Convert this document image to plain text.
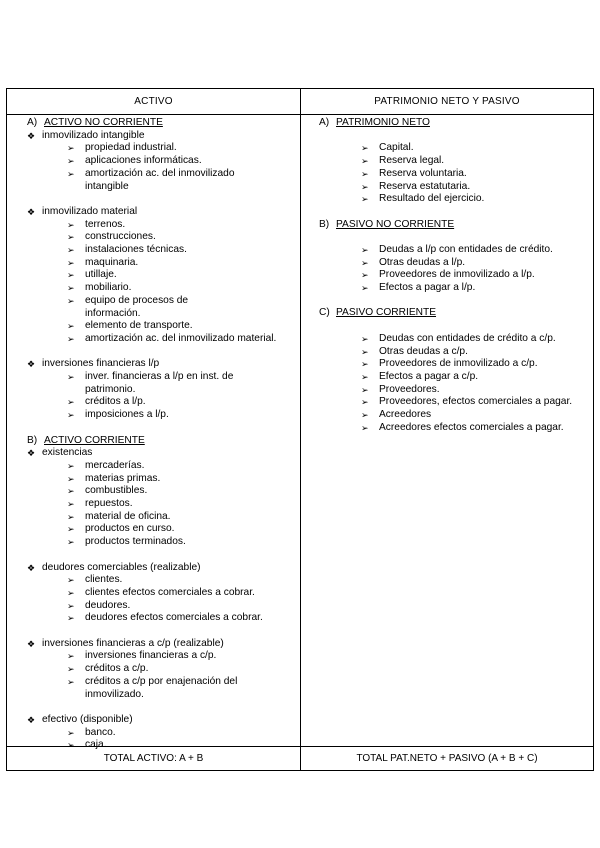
ACTIVO	PATRIMONIO NETO Y PASIVO
A) ACTIVO NO CORRIENTE
❖ inmovilizado intangible
➢ propiedad industrial.
➢ aplicaciones informáticas.
➢ amortización ac. del inmovilizado intangible
❖ inmovilizado material
➢ terrenos.
➢ construcciones.
➢ instalaciones técnicas.
➢ maquinaria.
➢ utillaje.
➢ mobiliario.
➢ equipo de procesos de información.
➢ elemento de transporte.
➢ amortización ac. del inmovilizado material.
❖ inversiones financieras l/p
➢ inver. financieras a l/p en inst. de patrimonio.
➢ créditos a l/p.
➢ imposiciones a l/p.
B) ACTIVO CORRIENTE
❖ existencias
➢ mercaderías.
➢ materias primas.
➢ combustibles.
➢ repuestos.
➢ material de oficina.
➢ productos en curso.
➢ productos terminados.
❖ deudores comerciables (realizable)
➢ clientes.
➢ clientes efectos comerciales a cobrar.
➢ deudores.
➢ deudores efectos comerciales a cobrar.
❖ inversiones financieras a c/p (realizable)
➢ inversiones financieras a c/p.
➢ créditos a c/p.
➢ créditos a c/p por enajenación del inmovilizado.
❖ efectivo (disponible)
➢ banco.
➢ caja.
A) PATRIMONIO NETO
➢ Capital.
➢ Reserva legal.
➢ Reserva voluntaria.
➢ Reserva estatutaria.
➢ Resultado del ejercicio.
B) PASIVO NO CORRIENTE
➢ Deudas a l/p con entidades de crédito.
➢ Otras deudas a l/p.
➢ Proveedores de inmovilizado a l/p.
➢ Efectos a pagar a l/p.
C) PASIVO CORRIENTE
➢ Deudas con entidades de crédito a c/p.
➢ Otras deudas a c/p.
➢ Proveedores de inmovilizado a c/p.
➢ Efectos a pagar a c/p.
➢ Proveedores.
➢ Proveedores, efectos comerciales a pagar.
➢ Acreedores
➢ Acreedores efectos comerciales a pagar.
TOTAL ACTIVO: A + B	TOTAL PAT.NETO + PASIVO (A + B + C)
